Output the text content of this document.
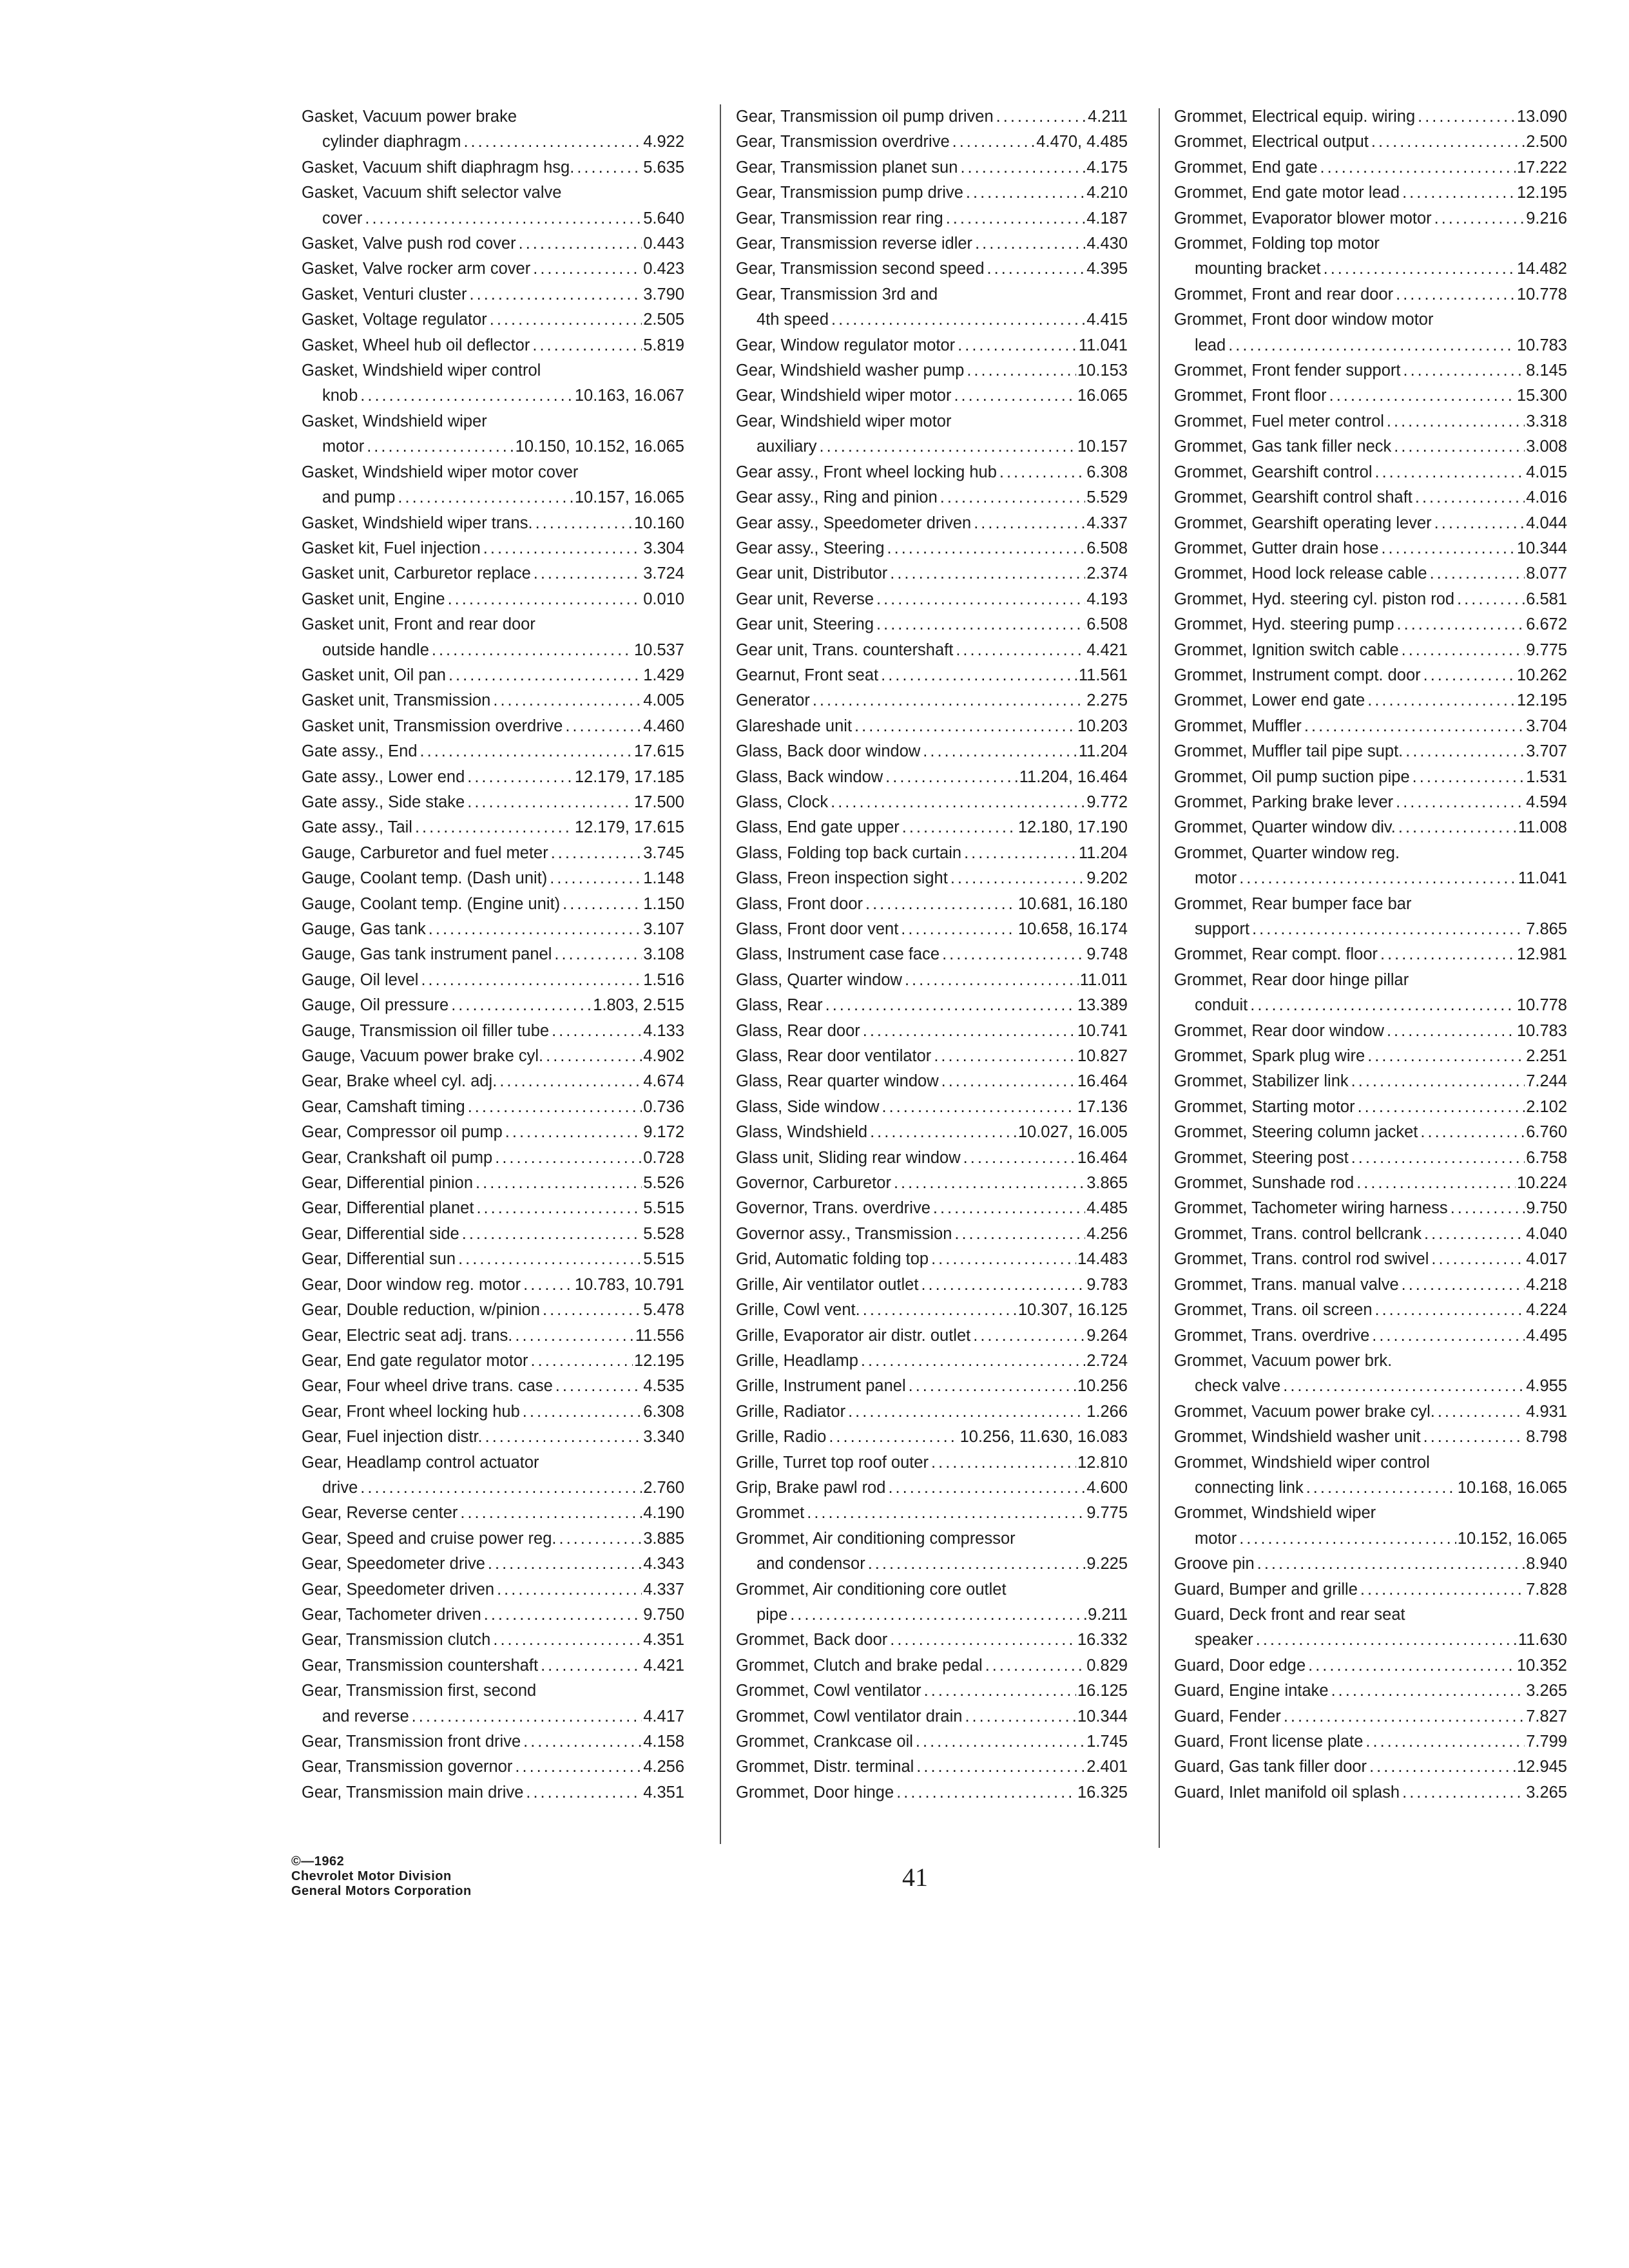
Gasket, Vacuum power brake
cylinder diaphragm .....	4.922
Gasket, Vacuum shift diaphragm hsg. .....	5.635
Gasket, Vacuum shift selector valve
cover .....	5.640
Gasket, Valve push rod cover .....	0.443
Gasket, Valve rocker arm cover .....	0.423
Gasket, Venturi cluster .....	3.790
Gasket, Voltage regulator .....	2.505
Gasket, Wheel hub oil deflector .....	5.819
Gasket, Windshield wiper control
knob .....	10.163, 16.067
Gasket, Windshield wiper
motor .....	10.150, 10.152, 16.065
Gasket, Windshield wiper motor cover
and pump .....	10.157, 16.065
Gasket, Windshield wiper trans. .....	10.160
Gasket kit, Fuel injection .....	3.304
Gasket unit, Carburetor replace .....	3.724
Gasket unit, Engine .....	0.010
Gasket unit, Front and rear door
outside handle .....	10.537
Gasket unit, Oil pan .....	1.429
Gasket unit, Transmission .....	4.005
Gasket unit, Transmission overdrive .....	4.460
Gate assy., End .....	17.615
Gate assy., Lower end .....	12.179, 17.185
Gate assy., Side stake .....	17.500
Gate assy., Tail .....	12.179, 17.615
Gauge, Carburetor and fuel meter .....	3.745
Gauge, Coolant temp. (Dash unit) .....	1.148
Gauge, Coolant temp. (Engine unit) .....	1.150
Gauge, Gas tank .....	3.107
Gauge, Gas tank instrument panel .....	3.108
Gauge, Oil level .....	1.516
Gauge, Oil pressure .....	1.803, 2.515
Gauge, Transmission oil filler tube .....	4.133
Gauge, Vacuum power brake cyl. .....	4.902
Gear, Brake wheel cyl. adj. .....	4.674
Gear, Camshaft timing .....	0.736
Gear, Compressor oil pump .....	9.172
Gear, Crankshaft oil pump .....	0.728
Gear, Differential pinion .....	5.526
Gear, Differential planet .....	5.515
Gear, Differential side .....	5.528
Gear, Differential sun .....	5.515
Gear, Door window reg. motor .....	10.783, 10.791
Gear, Double reduction, w/pinion .....	5.478
Gear, Electric seat adj. trans. .....	11.556
Gear, End gate regulator motor .....	12.195
Gear, Four wheel drive trans. case .....	4.535
Gear, Front wheel locking hub .....	6.308
Gear, Fuel injection distr. .....	3.340
Gear, Headlamp control actuator
drive .....	2.760
Gear, Reverse center .....	4.190
Gear, Speed and cruise power reg. .....	3.885
Gear, Speedometer drive .....	4.343
Gear, Speedometer driven .....	4.337
Gear, Tachometer driven .....	9.750
Gear, Transmission clutch .....	4.351
Gear, Transmission countershaft .....	4.421
Gear, Transmission first, second
and reverse .....	4.417
Gear, Transmission front drive .....	4.158
Gear, Transmission governor .....	4.256
Gear, Transmission main drive .....	4.351
Gear, Transmission oil pump driven .....	4.211
Gear, Transmission overdrive .....	4.470, 4.485
Gear, Transmission planet sun .....	4.175
Gear, Transmission pump drive .....	4.210
Gear, Transmission rear ring .....	4.187
Gear, Transmission reverse idler .....	4.430
Gear, Transmission second speed .....	4.395
Gear, Transmission 3rd and
4th speed .....	4.415
Gear, Window regulator motor .....	11.041
Gear, Windshield washer pump .....	10.153
Gear, Windshield wiper motor .....	16.065
Gear, Windshield wiper motor
auxiliary .....	10.157
Gear assy., Front wheel locking hub .....	6.308
Gear assy., Ring and pinion .....	5.529
Gear assy., Speedometer driven .....	4.337
Gear assy., Steering .....	6.508
Gear unit, Distributor .....	2.374
Gear unit, Reverse .....	4.193
Gear unit, Steering .....	6.508
Gear unit, Trans. countershaft .....	4.421
Gearnut, Front seat .....	11.561
Generator .....	2.275
Glareshade unit .....	10.203
Glass, Back door window .....	11.204
Glass, Back window .....	11.204, 16.464
Glass, Clock .....	9.772
Glass, End gate upper .....	12.180, 17.190
Glass, Folding top back curtain .....	11.204
Glass, Freon inspection sight .....	9.202
Glass, Front door .....	10.681, 16.180
Glass, Front door vent .....	10.658, 16.174
Glass, Instrument case face .....	9.748
Glass, Quarter window .....	11.011
Glass, Rear .....	13.389
Glass, Rear door .....	10.741
Glass, Rear door ventilator .....	10.827
Glass, Rear quarter window .....	16.464
Glass, Side window .....	17.136
Glass, Windshield .....	10.027, 16.005
Glass unit, Sliding rear window .....	16.464
Governor, Carburetor .....	3.865
Governor, Trans. overdrive .....	4.485
Governor assy., Transmission .....	4.256
Grid, Automatic folding top .....	14.483
Grille, Air ventilator outlet .....	9.783
Grille, Cowl vent. .....	10.307, 16.125
Grille, Evaporator air distr. outlet .....	9.264
Grille, Headlamp .....	2.724
Grille, Instrument panel .....	10.256
Grille, Radiator .....	1.266
Grille, Radio .....	10.256, 11.630, 16.083
Grille, Turret top roof outer .....	12.810
Grip, Brake pawl rod .....	4.600
Grommet .....	9.775
Grommet, Air conditioning compressor
and condensor .....	9.225
Grommet, Air conditioning core outlet
pipe .....	9.211
Grommet, Back door .....	16.332
Grommet, Clutch and brake pedal .....	0.829
Grommet, Cowl ventilator .....	16.125
Grommet, Cowl ventilator drain .....	10.344
Grommet, Crankcase oil .....	1.745
Grommet, Distr. terminal .....	2.401
Grommet, Door hinge .....	16.325
Grommet, Electrical equip. wiring .....	13.090
Grommet, Electrical output .....	2.500
Grommet, End gate .....	17.222
Grommet, End gate motor lead .....	12.195
Grommet, Evaporator blower motor .....	9.216
Grommet, Folding top motor
mounting bracket .....	14.482
Grommet, Front and rear door .....	10.778
Grommet, Front door window motor
lead .....	10.783
Grommet, Front fender support .....	8.145
Grommet, Front floor .....	15.300
Grommet, Fuel meter control .....	3.318
Grommet, Gas tank filler neck .....	3.008
Grommet, Gearshift control .....	4.015
Grommet, Gearshift control shaft .....	4.016
Grommet, Gearshift operating lever .....	4.044
Grommet, Gutter drain hose .....	10.344
Grommet, Hood lock release cable .....	8.077
Grommet, Hyd. steering cyl. piston rod .....	6.581
Grommet, Hyd. steering pump .....	6.672
Grommet, Ignition switch cable .....	9.775
Grommet, Instrument compt. door .....	10.262
Grommet, Lower end gate .....	12.195
Grommet, Muffler .....	3.704
Grommet, Muffler tail pipe supt. .....	3.707
Grommet, Oil pump suction pipe .....	1.531
Grommet, Parking brake lever .....	4.594
Grommet, Quarter window div. .....	11.008
Grommet, Quarter window reg.
motor .....	11.041
Grommet, Rear bumper face bar
support .....	7.865
Grommet, Rear compt. floor .....	12.981
Grommet, Rear door hinge pillar
conduit .....	10.778
Grommet, Rear door window .....	10.783
Grommet, Spark plug wire .....	2.251
Grommet, Stabilizer link .....	7.244
Grommet, Starting motor .....	2.102
Grommet, Steering column jacket .....	6.760
Grommet, Steering post .....	6.758
Grommet, Sunshade rod .....	10.224
Grommet, Tachometer wiring harness .....	9.750
Grommet, Trans. control bellcrank .....	4.040
Grommet, Trans. control rod swivel .....	4.017
Grommet, Trans. manual valve .....	4.218
Grommet, Trans. oil screen .....	4.224
Grommet, Trans. overdrive .....	4.495
Grommet, Vacuum power brk.
check valve .....	4.955
Grommet, Vacuum power brake cyl. .....	4.931
Grommet, Windshield washer unit .....	8.798
Grommet, Windshield wiper control
connecting link .....	10.168, 16.065
Grommet, Windshield wiper
motor .....	10.152, 16.065
Groove pin .....	8.940
Guard, Bumper and grille .....	7.828
Guard, Deck front and rear seat
speaker .....	11.630
Guard, Door edge .....	10.352
Guard, Engine intake .....	3.265
Guard, Fender .....	7.827
Guard, Front license plate .....	7.799
Guard, Gas tank filler door .....	12.945
Guard, Inlet manifold oil splash .....	3.265
©—1962
Chevrolet Motor Division
General Motors Corporation	41
